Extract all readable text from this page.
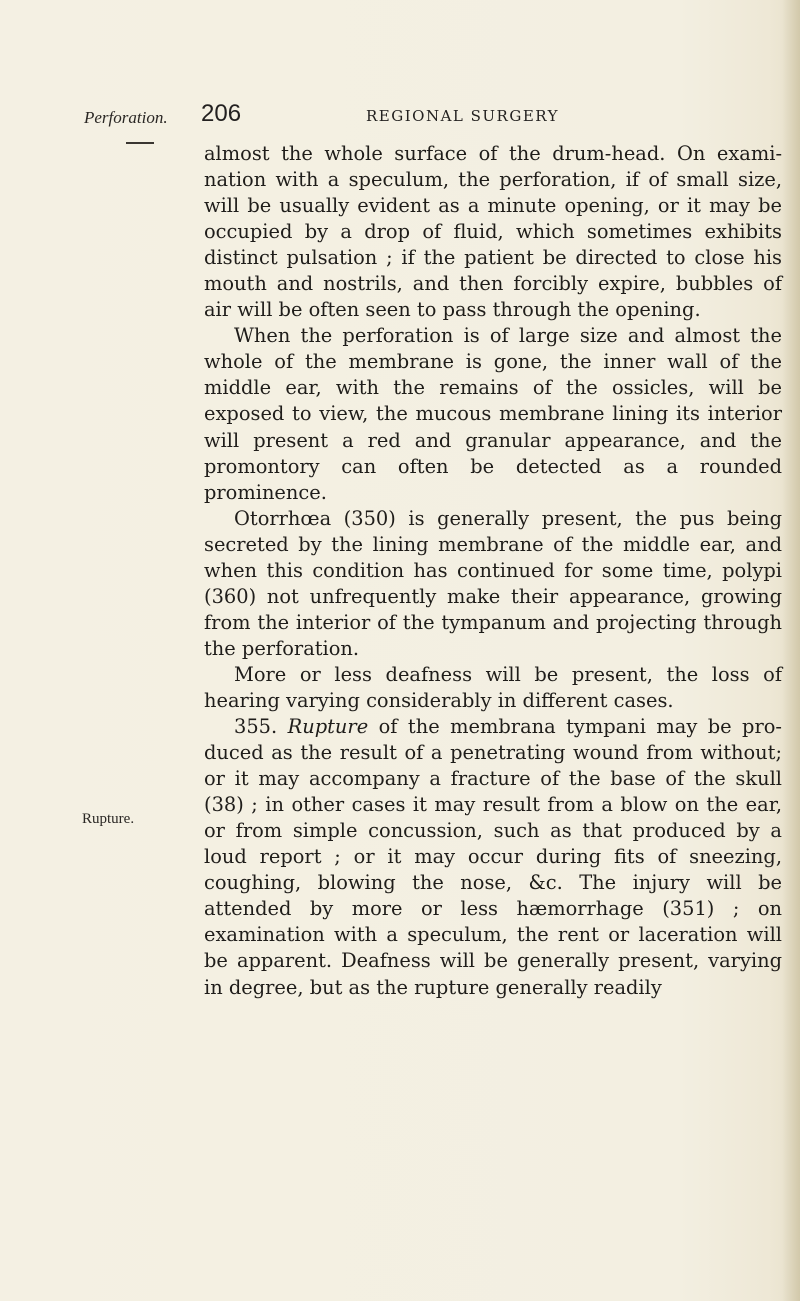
Perforation. 206	REGIONAL SURGERY

almost the whole surface of the drum-head. On examination with a speculum, the perforation, if of small size, will be usually evident as a minute opening, or it may be occupied by a drop of fluid, which sometimes exhibits distinct pulsation ; if the patient be directed to close his mouth and nostrils, and then forcibly expire, bubbles of air will be often seen to pass through the opening.

When the perforation is of large size and almost the whole of the membrane is gone, the inner wall of the middle ear, with the remains of the ossicles, will be exposed to view, the mucous membrane lining its interior will present a red and granular appearance, and the promontory can often be detected as a rounded prominence.

Otorrhœa (350) is generally present, the pus being secreted by the lining membrane of the middle ear, and when this condition has continued for some time, polypi (360) not unfrequently make their appearance, growing from the interior of the tympanum and projecting through the perforation.

More or less deafness will be present, the loss of hearing varying considerably in different cases.

355. Rupture of the membrana tympani may be produced as the result of a penetrating wound from without; or it may accompany a fracture of the base of the skull (38) ; in other cases it may result from a blow on the ear, or from simple concussion, such as that produced by a loud report ; or it may occur during fits of sneezing, coughing, blowing the nose, &c. The injury will be attended by more or less hæmorrhage (351) ; on examination with a speculum, the rent or laceration will be apparent. Deafness will be generally present, varying in degree, but as the rupture generally readily

Rupture.
